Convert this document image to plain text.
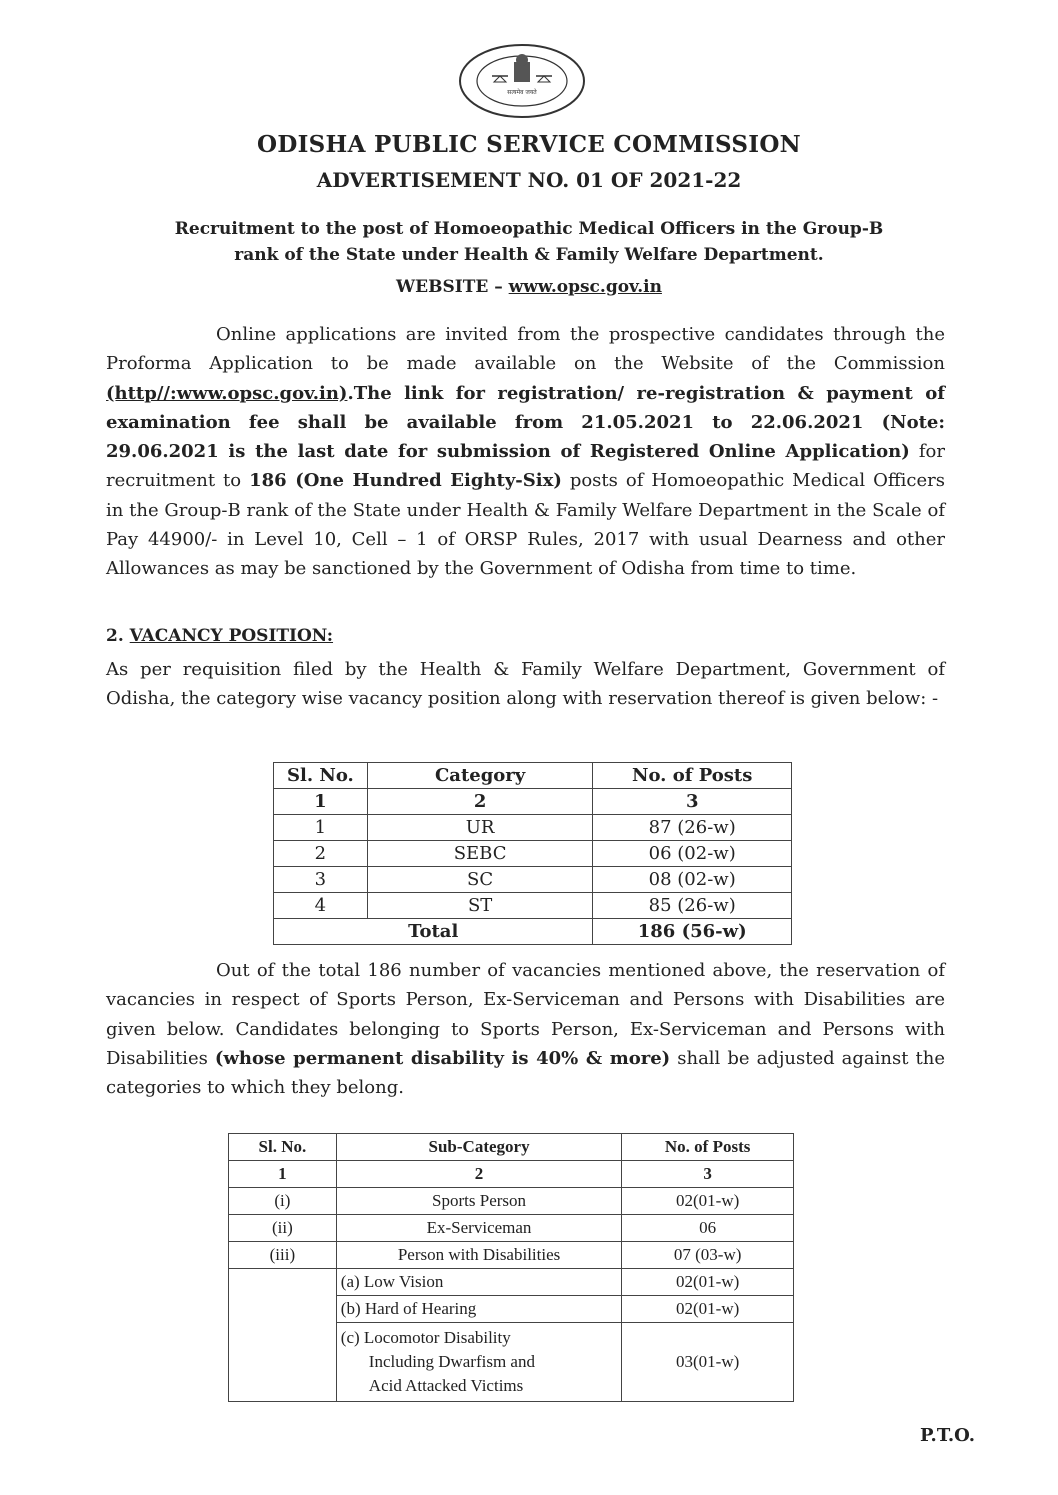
सत्यमेव जयते
ODISHA PUBLIC SERVICE COMMISSION
ADVERTISEMENT NO. 01 OF 2021-22
Recruitment to the post of Homoeopathic Medical Officers in the Group-B
rank of the State under Health & Family Welfare Department.
WEBSITE – www.opsc.gov.in
Online applications are invited from the prospective candidates through the Proforma Application to be made available on the Website of the Commission (http//:www.opsc.gov.in).The link for registration/ re-registration & payment of examination fee shall be available from 21.05.2021 to 22.06.2021 (Note: 29.06.2021 is the last date for submission of Registered Online Application) for recruitment to 186 (One Hundred Eighty-Six) posts of Homoeopathic Medical Officers in the Group-B rank of the State under Health & Family Welfare Department in the Scale of Pay 44900/- in Level 10, Cell – 1 of ORSP Rules, 2017 with usual Dearness and other Allowances as may be sanctioned by the Government of Odisha from time to time.
2. VACANCY POSITION:
As per requisition filed by the Health & Family Welfare Department, Government of Odisha, the category wise vacancy position along with reservation thereof is given below: -
Sl. No.	Category	No. of Posts
1	2	3
1	UR	87 (26-w)
2	SEBC	06 (02-w)
3	SC	08 (02-w)
4	ST	85 (26-w)
Total		186 (56-w)
Out of the total 186 number of vacancies mentioned above, the reservation of vacancies in respect of Sports Person, Ex-Serviceman and Persons with Disabilities are given below. Candidates belonging to Sports Person, Ex-Serviceman and Persons with Disabilities (whose permanent disability is 40% & more) shall be adjusted against the categories to which they belong.
Sl. No.	Sub-Category	No. of Posts
1	2	3
(i)	Sports Person	02(01-w)
(ii)	Ex-Serviceman	06
(iii)	Person with Disabilities	07 (03-w)
	(a) Low Vision	02(01-w)
	(b) Hard of Hearing	02(01-w)
	(c) Locomotor Disability
Including Dwarfism and
Acid Attacked Victims	03(01-w)
P.T.O.
